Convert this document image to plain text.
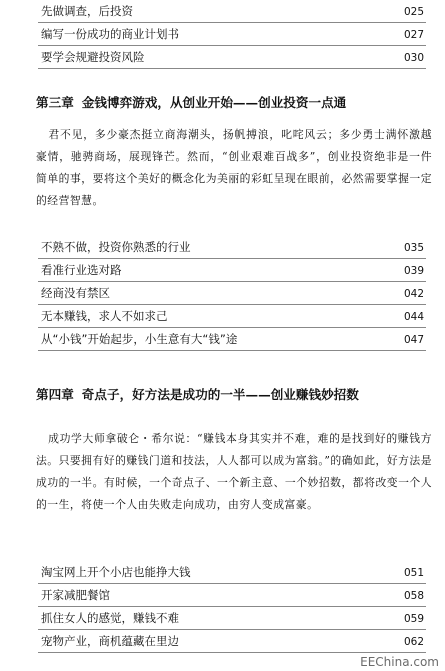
先做调查，后投资	025
编写一份成功的商业计划书	027
要学会规避投资风险	030
第三章 金钱博弈游戏，从创业开始——创业投资一点通
君不见，多少豪杰挺立商海潮头，扬帆搏浪，叱咤风云；多少勇士满怀激越豪情，驰骋商场，展现锋芒。然而，“创业艰难百战多”，创业投资绝非是一件简单的事，要将这个美好的概念化为美丽的彩虹呈现在眼前，必然需要掌握一定的经营智慧。
不熟不做，投资你熟悉的行业	035
看准行业选对路	039
经商没有禁区	042
无本赚钱，求人不如求己	044
从“小钱”开始起步，小生意有大“钱”途	047
第四章 奇点子，好方法是成功的一半——创业赚钱妙招数
成功学大师拿破仑・希尔说：“赚钱本身其实并不难，难的是找到好的赚钱方法。只要拥有好的赚钱门道和技法，人人都可以成为富翁。”的确如此，好方法是成功的一半。有时候，一个奇点子、一个新主意、一个妙招数，都将改变一个人的一生，将使一个人由失败走向成功，由穷人变成富豪。
淘宝网上开个小店也能挣大钱	051
开家减肥餐馆	058
抓住女人的感觉，赚钱不难	059
宠物产业，商机蕴藏在里边	062
EEChina.com
